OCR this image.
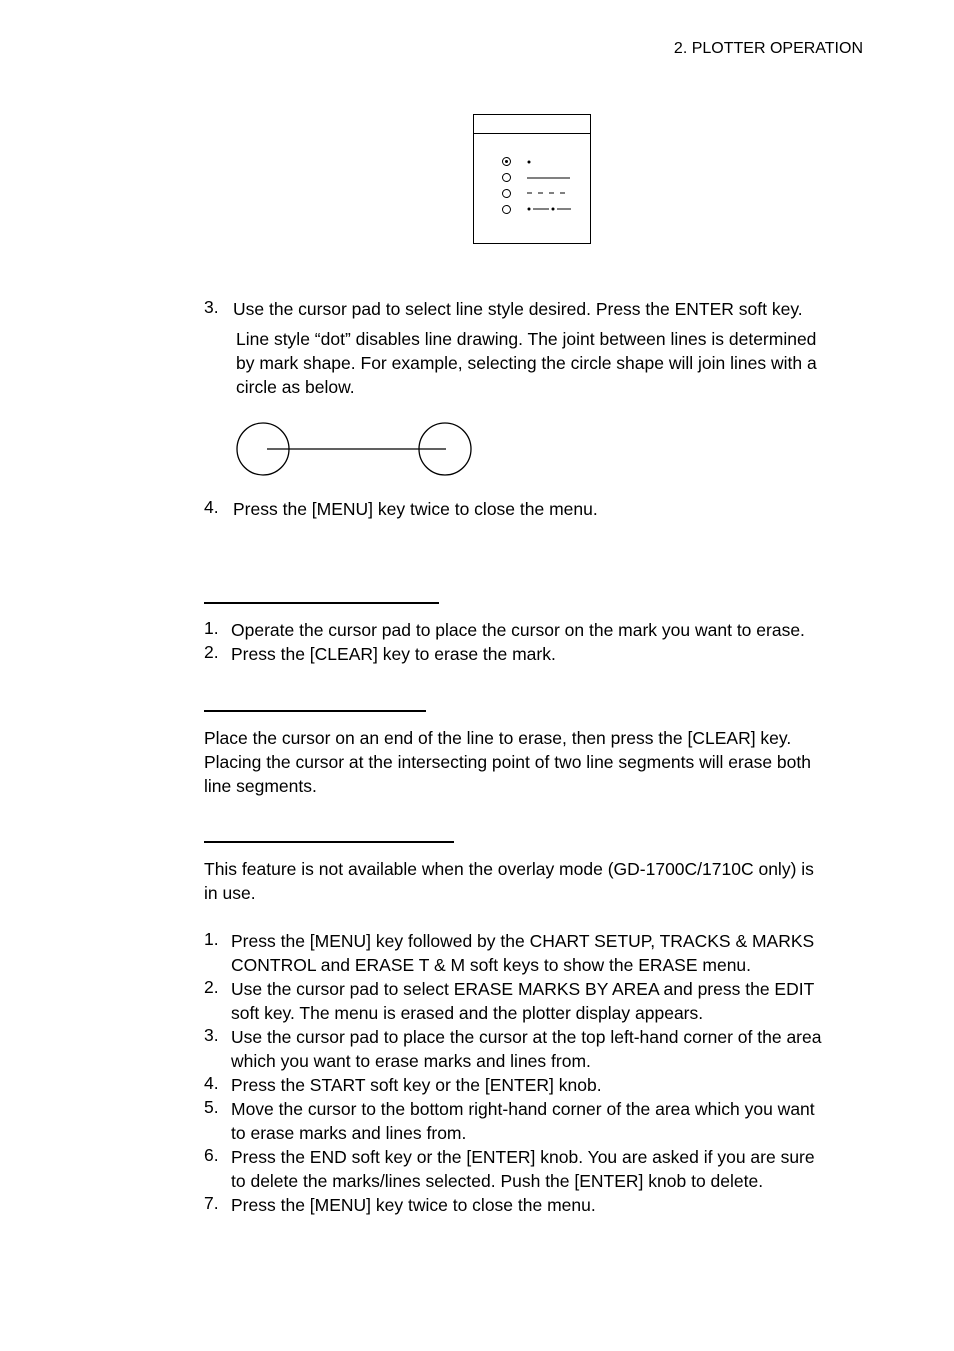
2. PLOTTER OPERATION
3. Use the cursor pad to select line style desired. Press the ENTER soft key.
Line style “dot” disables line drawing. The joint between lines is determined
by mark shape. For example, selecting the circle shape will join lines with a
circle as below.
4. Press the [MENU] key twice to close the menu.
1. Operate the cursor pad to place the cursor on the mark you want to erase.
2. Press the [CLEAR] key to erase the mark.
Place the cursor on an end of the line to erase, then press the [CLEAR] key.
Placing the cursor at the intersecting point of two line segments will erase both
line segments.
This feature is not available when the overlay mode (GD-1700C/1710C only) is
in use.
1. Press the [MENU] key followed by the CHART SETUP, TRACKS & MARKS
CONTROL and ERASE T & M soft keys to show the ERASE menu.
2. Use the cursor pad to select ERASE MARKS BY AREA and press the EDIT
soft key. The menu is erased and the plotter display appears.
3. Use the cursor pad to place the cursor at the top left-hand corner of the area
which you want to erase marks and lines from.
4. Press the START soft key or the [ENTER] knob.
5. Move the cursor to the bottom right-hand corner of the area which you want
to erase marks and lines from.
6. Press the END soft key or the [ENTER] knob. You are asked if you are sure
to delete the marks/lines selected. Push the [ENTER] knob to delete.
7. Press the [MENU] key twice to close the menu.
